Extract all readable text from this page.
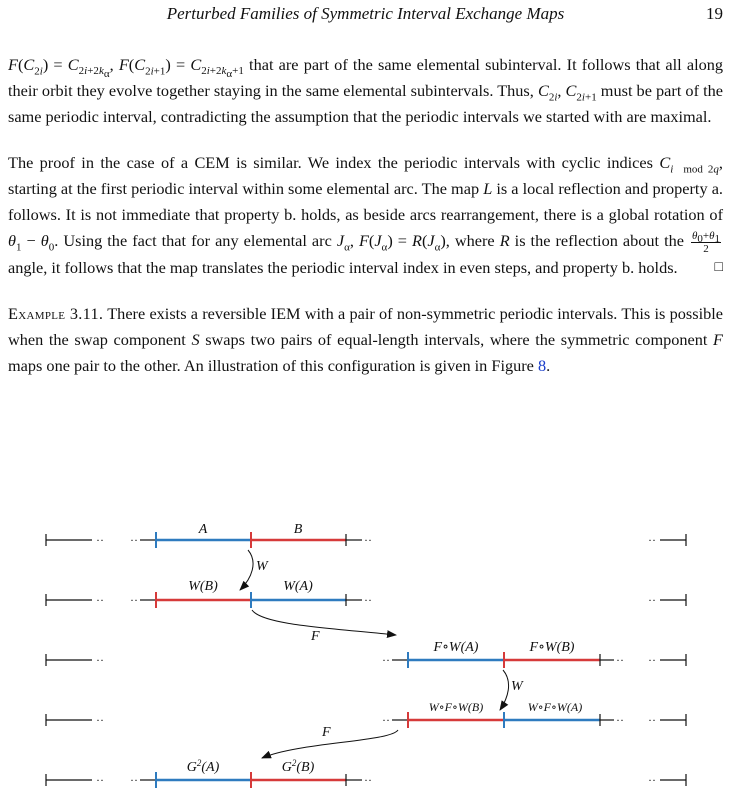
Perturbed Families of Symmetric Interval Exchange Maps	19

$F(C_{2i}) = C_{2i+2k_\alpha}$, $F(C_{2i+1}) = C_{2i+2k_\alpha+1}$ that are part of the same elemental subinterval. It follows that all along their orbit they evolve together staying in the same elemental subintervals. Thus, $C_{2i}$, $C_{2i+1}$ must be part of the same periodic interval, contradicting the assumption that the periodic intervals we started with are maximal.

The proof in the case of a CEM is similar. We index the periodic intervals with cyclic indices $C_{i mod 2q}$, starting at the first periodic interval within some elemental arc. The map L is a local reflection and property a. follows. It is not immediate that property b. holds, as beside arcs rearrangement, there is a global rotation of $\theta_1 - \theta_0$. Using the fact that for any elemental arc $J_\alpha$, $F(J_\alpha) = R(J_\alpha)$, where R is the reflection about the $\frac{\theta_0+\theta_1}{2}$
angle, it follows that the map translates the periodic interval index in even steps, and property b. holds.	□

Example 3.11. There exists a reversible IEM with a pair of non-symmetric periodic intervals. This is possible when the swap component S swaps two pairs of equal-length intervals, where the symmetric component F maps one pair to the other. An illustration of this configuration is given in Figure 8.

·· ··	··	··
A	B
W
·· ··	··	··
W(B)	W(A)
F
··	··	·· ··
F∘W(A)	F∘W(B)
W
··	··	·· ··
W∘F∘W(B)	W∘F∘W(A)
F
·· ··	··	··
$G^2(A)$	$G^2(B)$
